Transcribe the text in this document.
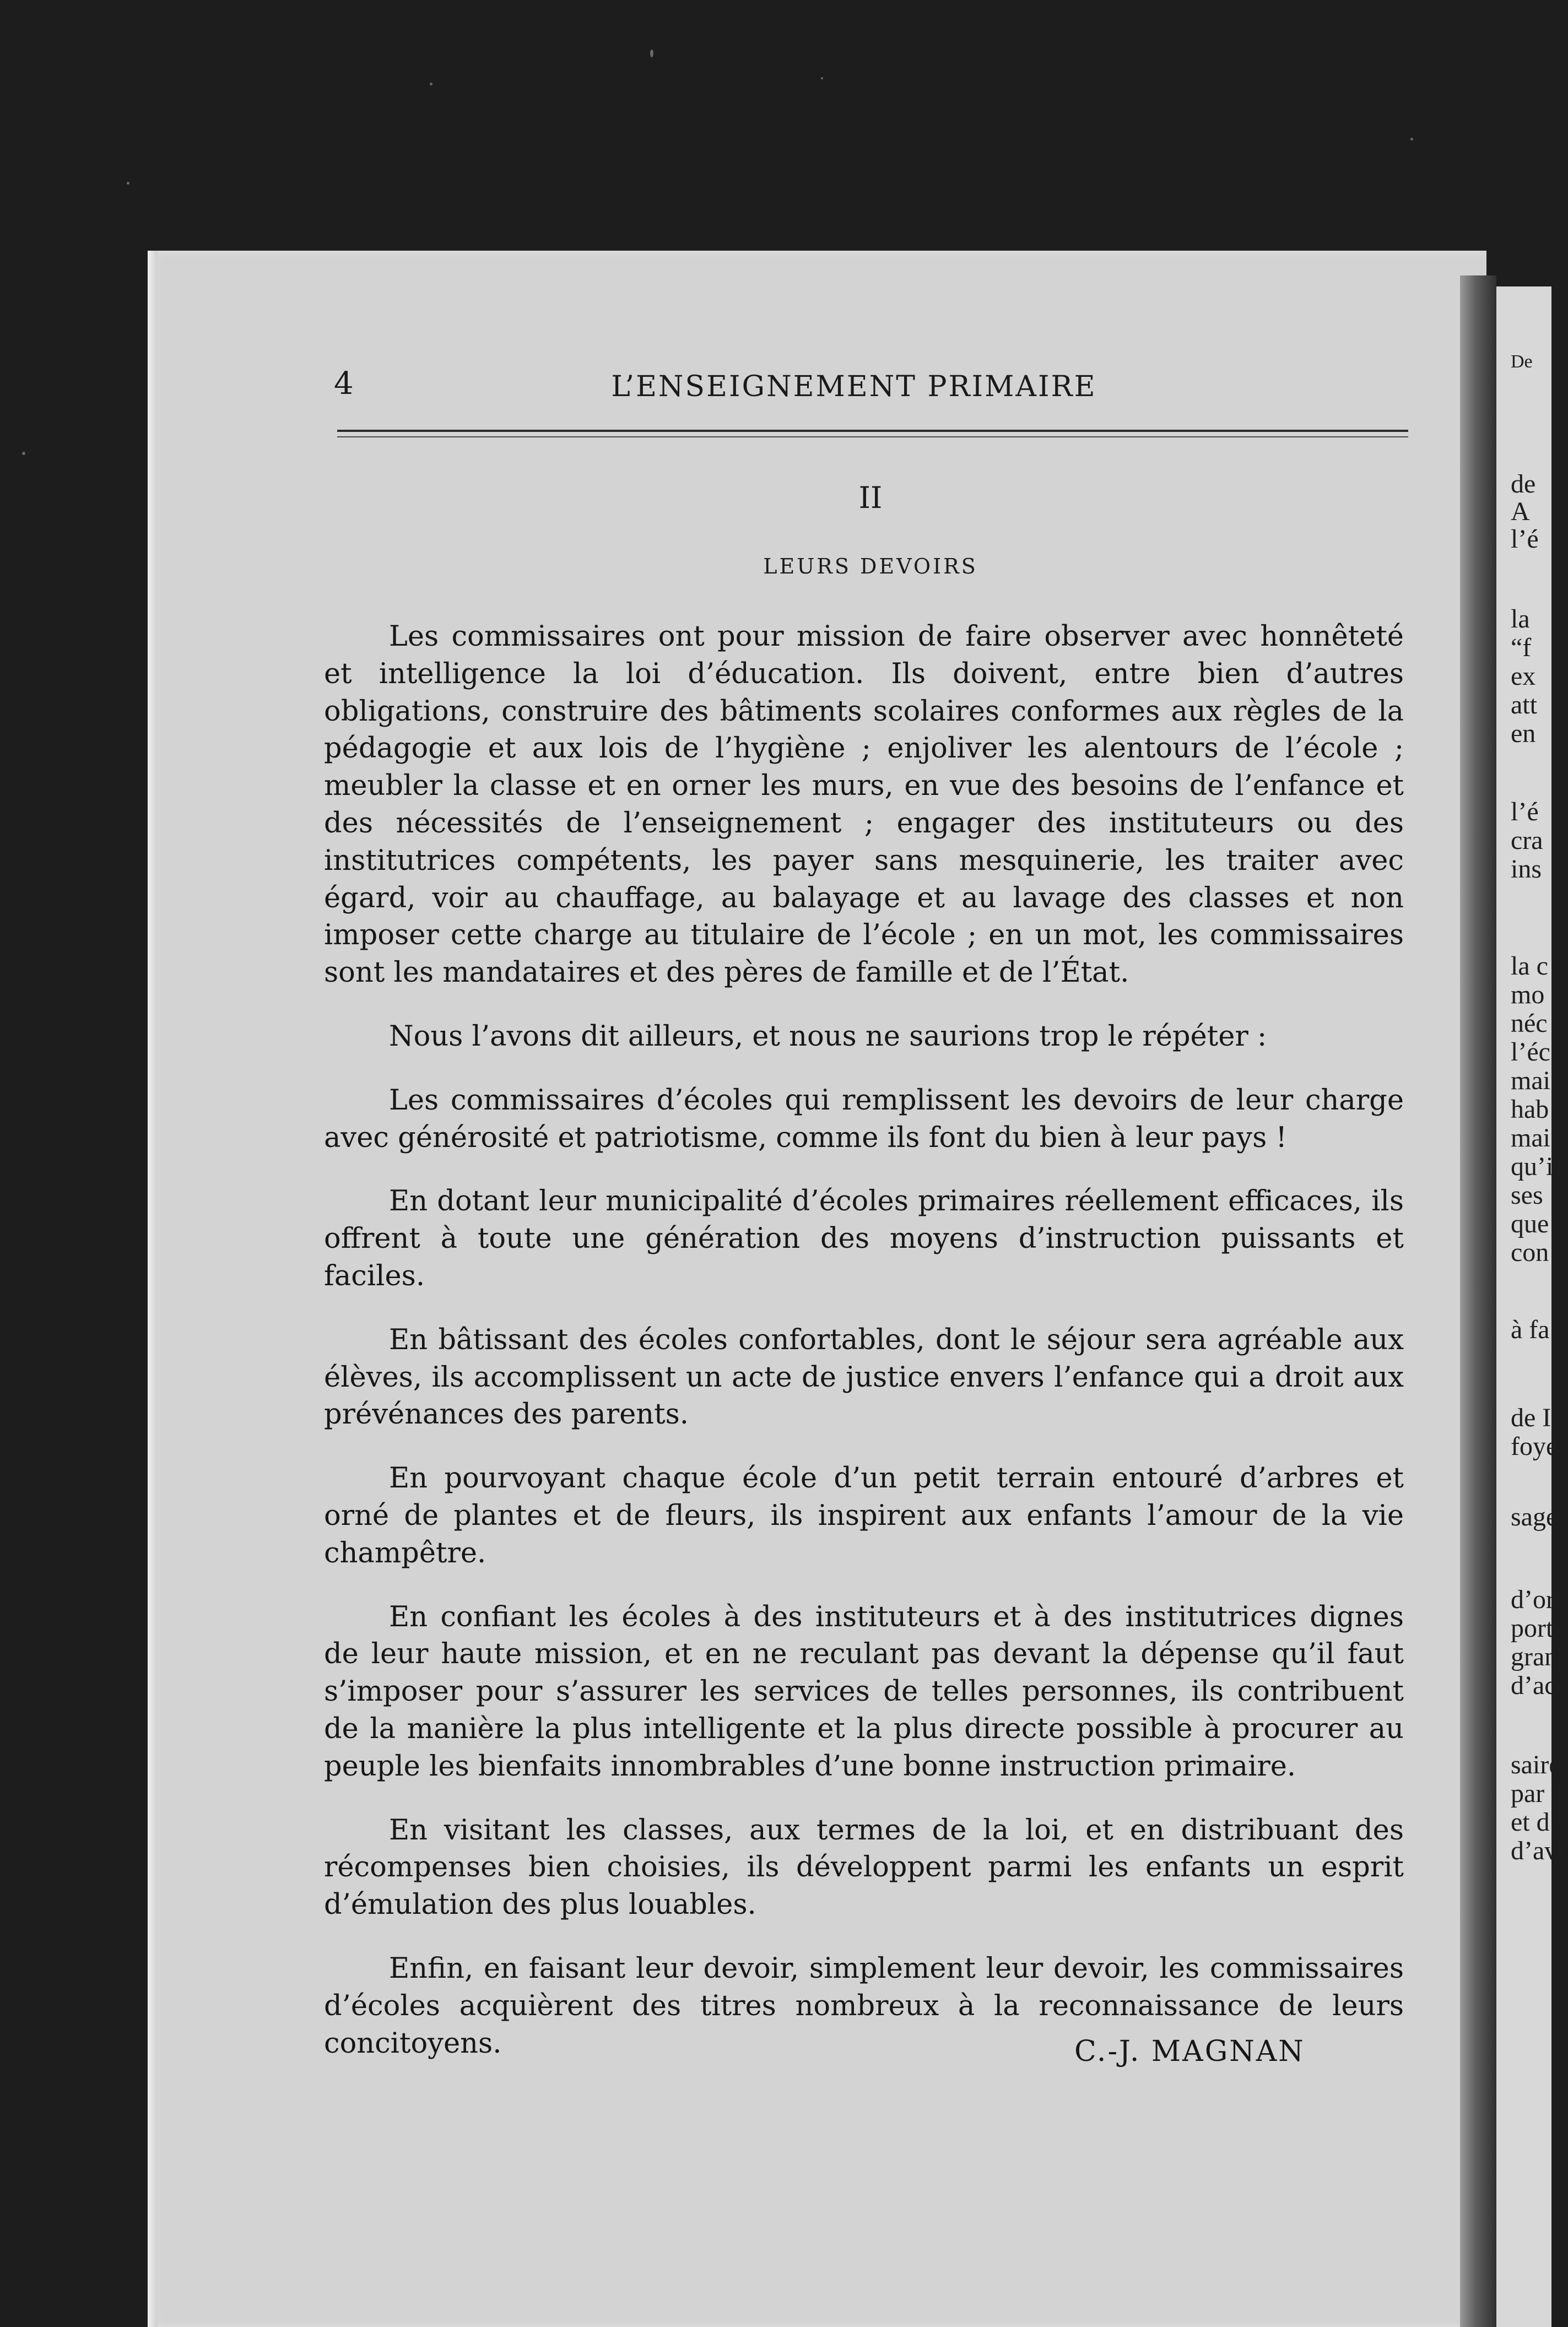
De
de
A
l’é
la
“f
ex
att
en
l’é
cra
ins
la c
mo
néc
l’éc
mai
hab
mai
qu’i
ses
que
con
à fa
de I
foye
sage
d’ord
port
gran
d’acc
saire
par l
et d’
d’avi
4	L’ENSEIGNEMENT PRIMAIRE
II
LEURS DEVOIRS

Les commissaires ont pour mission de faire observer avec honnêteté et intelligence la loi d’éducation. Ils doivent, entre bien d’autres obligations, construire des bâtiments scolaires conformes aux règles de la pédagogie et aux lois de l’hygiène ; enjoliver les alentours de l’école ; meubler la classe et en orner les murs, en vue des besoins de l’enfance et des nécessités de l’enseignement ; engager des instituteurs ou des institutrices compétents, les payer sans mesquinerie, les traiter avec égard, voir au chauffage, au balayage et au lavage des classes et non imposer cette charge au titulaire de l’école ; en un mot, les commissaires sont les mandataires et des pères de famille et de l’État.

Nous l’avons dit ailleurs, et nous ne saurions trop le répéter :

Les commissaires d’écoles qui remplissent les devoirs de leur charge avec générosité et patriotisme, comme ils font du bien à leur pays !

En dotant leur municipalité d’écoles primaires réellement efficaces, ils offrent à toute une génération des moyens d’instruction puissants et faciles.

En bâtissant des écoles confortables, dont le séjour sera agréable aux élèves, ils accomplissent un acte de justice envers l’enfance qui a droit aux prévénances des parents.

En pourvoyant chaque école d’un petit terrain entouré d’arbres et orné de plantes et de fleurs, ils inspirent aux enfants l’amour de la vie champêtre.

En confiant les écoles à des instituteurs et à des institutrices dignes de leur haute mission, et en ne reculant pas devant la dépense qu’il faut s’imposer pour s’assurer les services de telles personnes, ils contribuent de la manière la plus intelligente et la plus directe possible à procurer au peuple les bienfaits innombrables d’une bonne instruction primaire.

En visitant les classes, aux termes de la loi, et en distribuant des récompenses bien choisies, ils développent parmi les enfants un esprit d’émulation des plus louables.

Enfin, en faisant leur devoir, simplement leur devoir, les commissaires d’écoles acquièrent des titres nombreux à la reconnaissance de leurs concitoyens.	C.-J. MAGNAN
